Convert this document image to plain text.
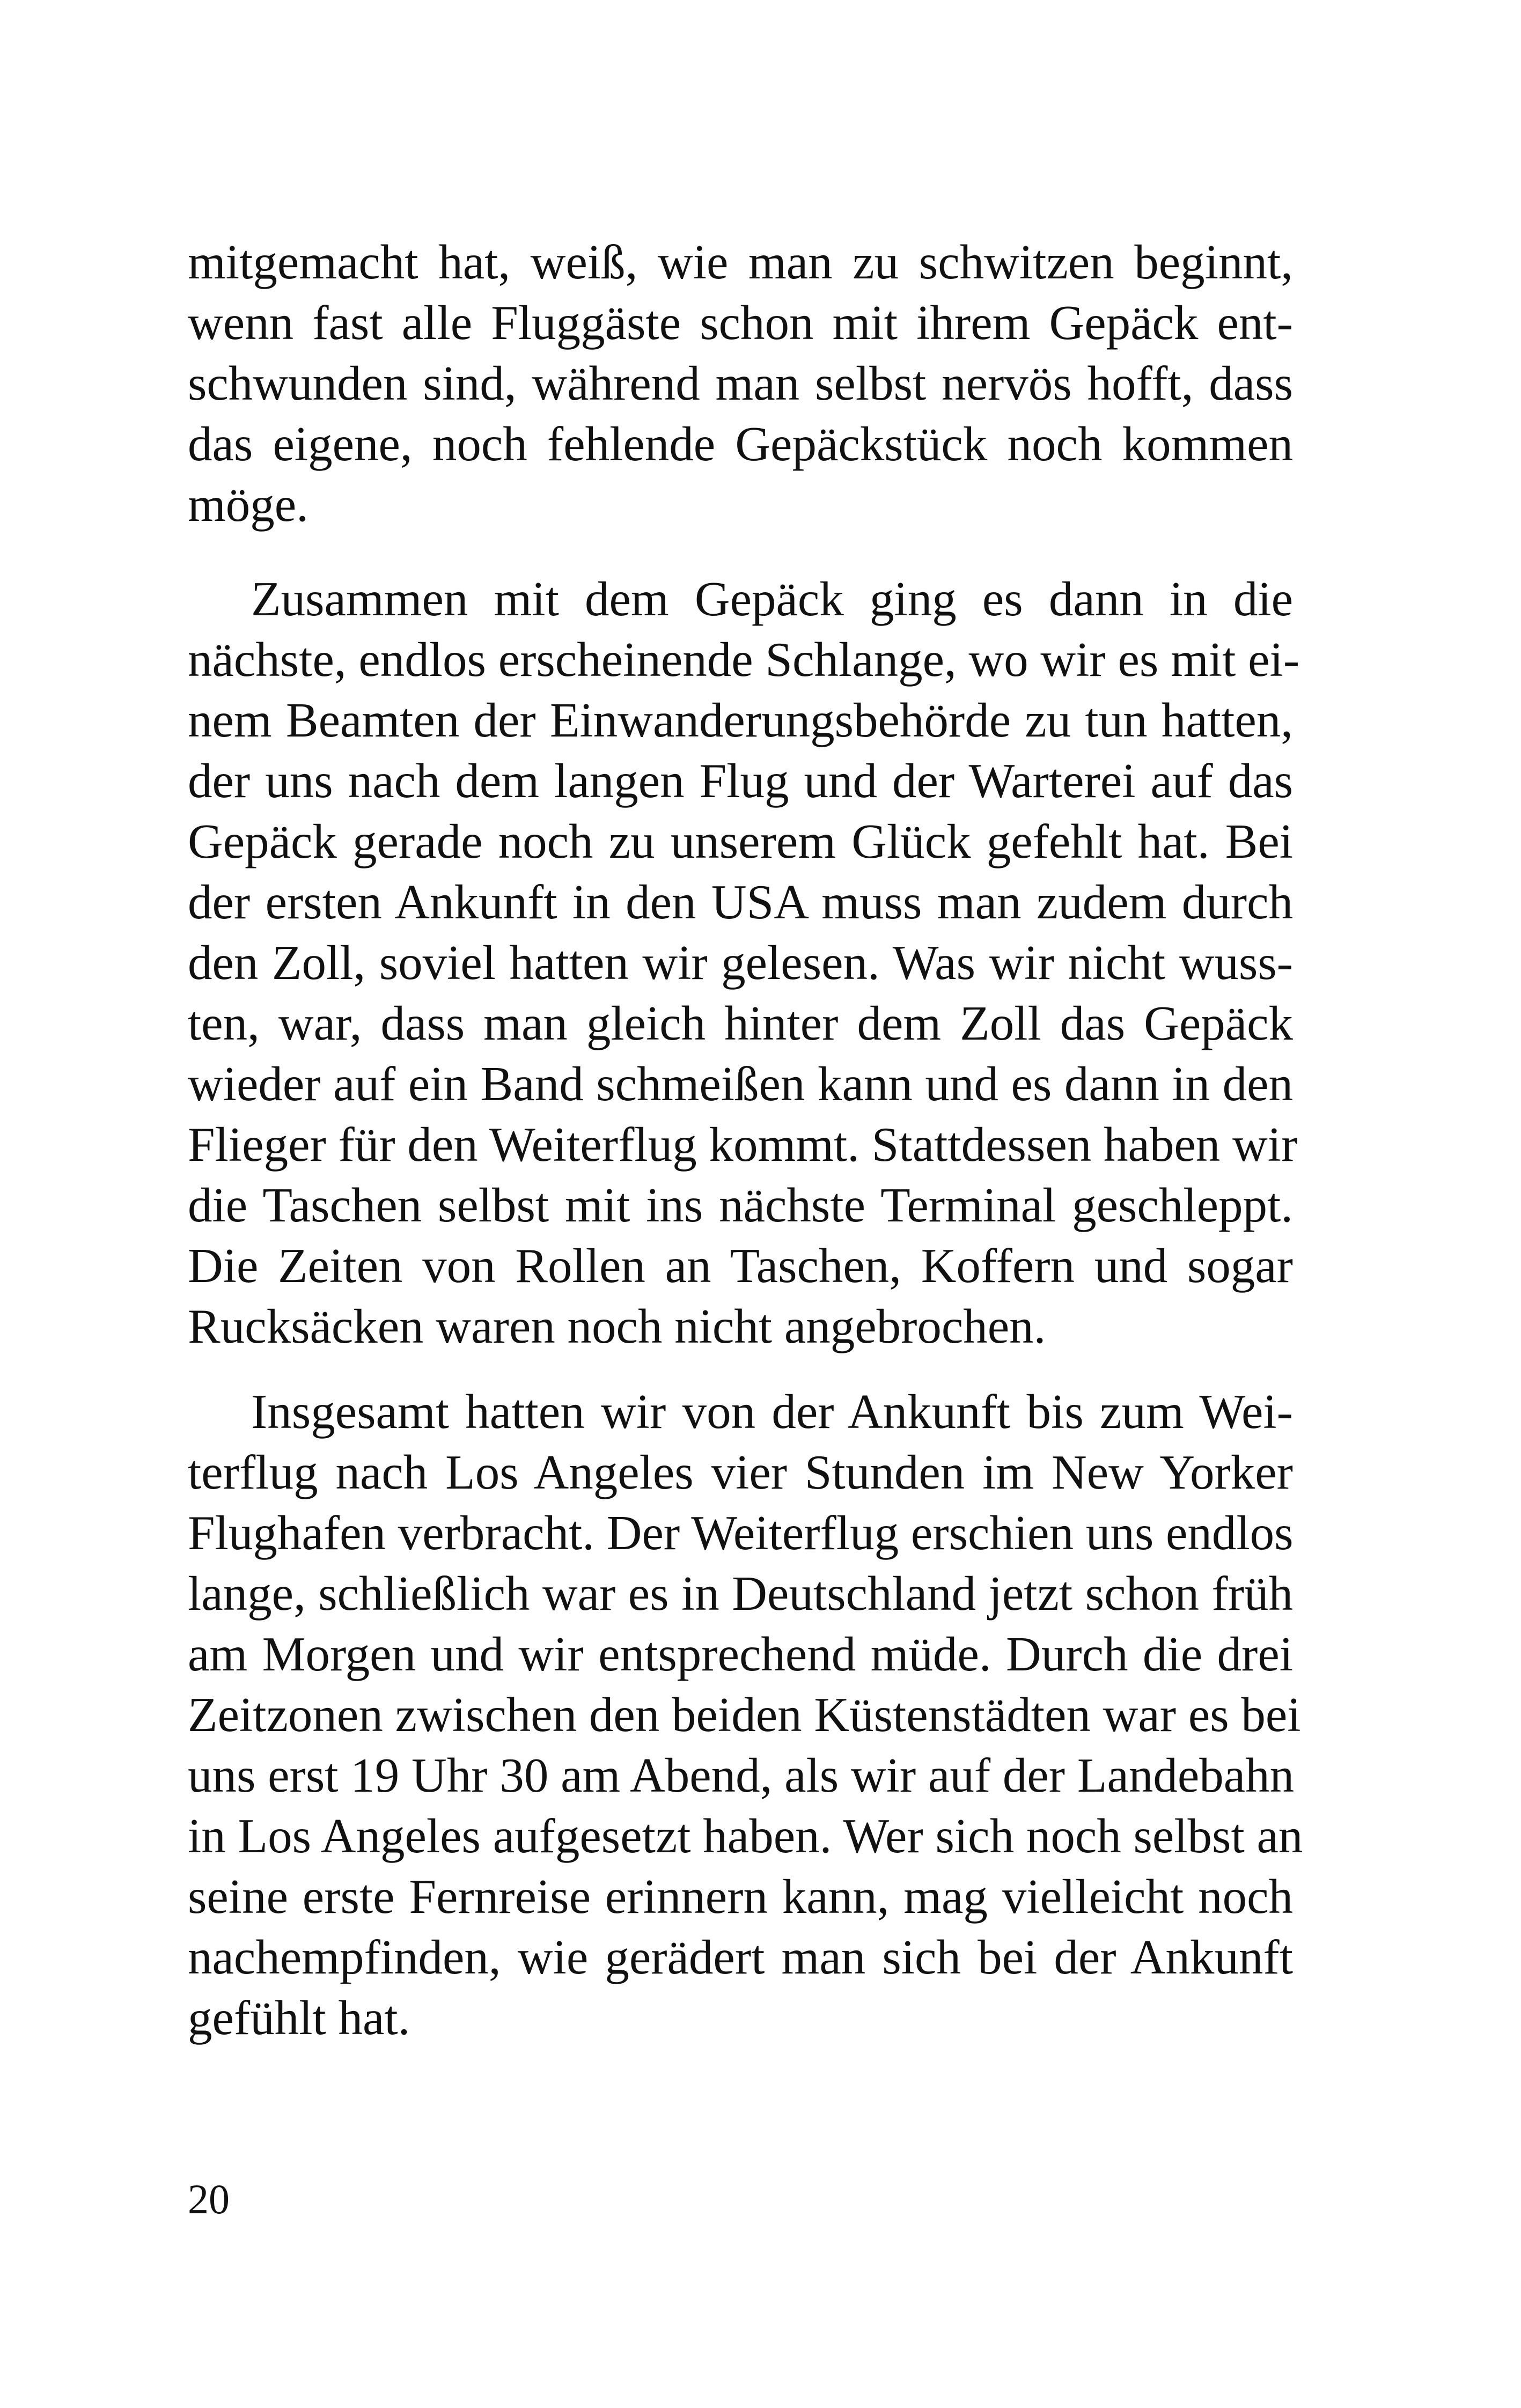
mitgemacht hat, weiß, wie man zu schwitzen beginnt,
wenn fast alle Fluggäste schon mit ihrem Gepäck ent-
schwunden sind, während man selbst nervös hofft, dass
das eigene, noch fehlende Gepäckstück noch kommen
möge.
Zusammen mit dem Gepäck ging es dann in die
nächste, endlos erscheinende Schlange, wo wir es mit ei-
nem Beamten der Einwanderungsbehörde zu tun hatten,
der uns nach dem langen Flug und der Warterei auf das
Gepäck gerade noch zu unserem Glück gefehlt hat. Bei
der ersten Ankunft in den USA muss man zudem durch
den Zoll, soviel hatten wir gelesen. Was wir nicht wuss-
ten, war, dass man gleich hinter dem Zoll das Gepäck
wieder auf ein Band schmeißen kann und es dann in den
Flieger für den Weiterflug kommt. Stattdessen haben wir
die Taschen selbst mit ins nächste Terminal geschleppt.
Die Zeiten von Rollen an Taschen, Koffern und sogar
Rucksäcken waren noch nicht angebrochen.
Insgesamt hatten wir von der Ankunft bis zum Wei-
terflug nach Los Angeles vier Stunden im New Yorker
Flughafen verbracht. Der Weiterflug erschien uns endlos
lange, schließlich war es in Deutschland jetzt schon früh
am Morgen und wir entsprechend müde. Durch die drei
Zeitzonen zwischen den beiden Küstenstädten war es bei
uns erst 19 Uhr 30 am Abend, als wir auf der Landebahn
in Los Angeles aufgesetzt haben. Wer sich noch selbst an
seine erste Fernreise erinnern kann, mag vielleicht noch
nachempfinden, wie gerädert man sich bei der Ankunft
gefühlt hat.

20
